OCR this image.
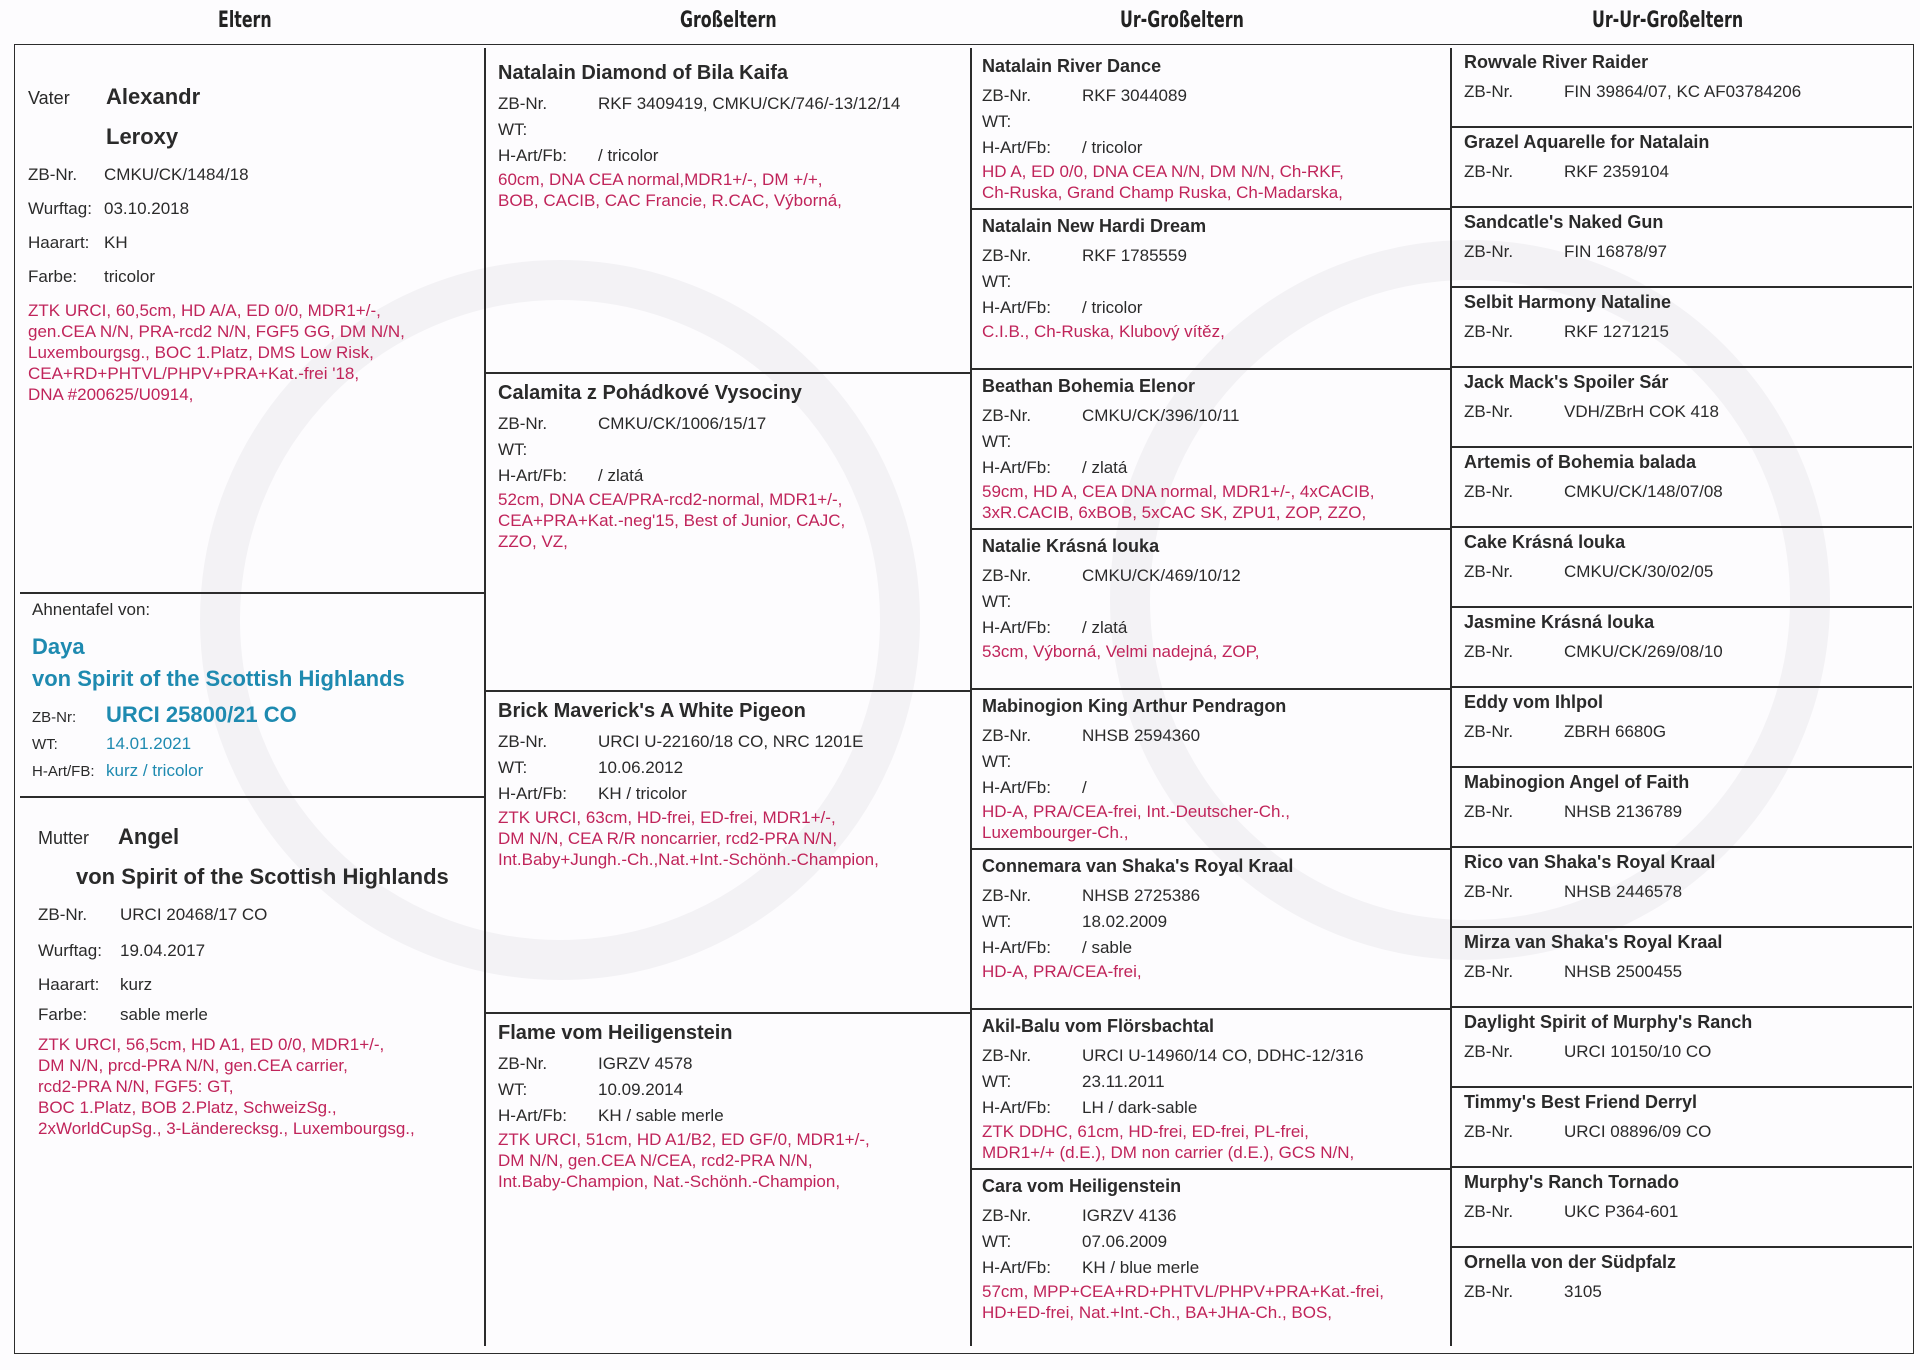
Eltern	Großeltern	Ur-Großeltern	Ur-Ur-Großeltern
Vater	Alexandr
Leroxy
ZB-Nr. CMKU/CK/1484/18
Wurftag: 03.10.2018
Haarart: KH
Farbe: tricolor
ZTK URCI, 60,5cm, HD A/A, ED 0/0, MDR1+/-,
gen.CEA N/N, PRA-rcd2 N/N, FGF5 GG, DM N/N,
Luxembourgsg., BOC 1.Platz, DMS Low Risk,
CEA+RD+PHTVL/PHPV+PRA+Kat.-frei '18,
DNA #200625/U0914,
Ahnentafel von:
Daya
von Spirit of the Scottish Highlands
ZB-Nr: URCI 25800/21 CO
WT:	14.01.2021
H-Art/FB: kurz / tricolor
Mutter	Angel
von Spirit of the Scottish Highlands
ZB-Nr. URCI 20468/17 CO
Wurftag: 19.04.2017
Haarart: kurz
Farbe: sable merle
ZTK URCI, 56,5cm, HD A1, ED 0/0, MDR1+/-,
DM N/N, prcd-PRA N/N, gen.CEA carrier,
rcd2-PRA N/N, FGF5: GT,
BOC 1.Platz, BOB 2.Platz, SchweizSg.,
2xWorldCupSg., 3-Ländereck​sg., Luxembourgsg.,
Natalain Diamond of Bila Kaifa
ZB-Nr.	RKF 3409419, CMKU/CK/746/-13/12/14
WT:
H-Art/Fb: / tricolor
60cm, DNA CEA normal,MDR1+/-, DM +/+,
BOB, CACIB, CAC Francie, R.CAC, Výborná,
Calamita z Pohádkové Vysociny
ZB-Nr.	CMKU/CK/1006/15/17
WT:
H-Art/Fb: / zlatá
52cm, DNA CEA/PRA-rcd2-normal, MDR1+/-,
CEA+PRA+Kat.-neg'15, Best of Junior, CAJC,
ZZO, VZ,
Brick Maverick's A White Pigeon
ZB-Nr.	URCI U-22160/18 CO, NRC 1201E
WT:	10.06.2012
H-Art/Fb: KH / tricolor
ZTK URCI, 63cm, HD-frei, ED-frei, MDR1+/-,
DM N/N, CEA R/R noncarrier, rcd2-PRA N/N,
Int.Baby+Jungh.-Ch.,Nat.+Int.-Schönh.-Champion,
Flame vom Heiligenstein
ZB-Nr.	IGRZV 4578
WT:	10.09.2014
H-Art/Fb: KH / sable merle
ZTK URCI, 51cm, HD A1/B2, ED GF/0, MDR1+/-,
DM N/N, gen.CEA N/CEA, rcd2-PRA N/N,
Int.Baby-Champion, Nat.-Schönh.-Champion,
Natalain River Dance
ZB-Nr.	RKF 3044089
WT:
H-Art/Fb: / tricolor
HD A, ED 0/0, DNA CEA N/N, DM N/N, Ch-RKF,
Ch-Ruska, Grand Champ Ruska, Ch-Madarska,
Natalain New Hardi Dream
ZB-Nr.	RKF 1785559
WT:
H-Art/Fb: / tricolor
C.I.B., Ch-Ruska, Klubový vítěz,
Beathan Bohemia Elenor
ZB-Nr.	CMKU/CK/396/10/11
WT:
H-Art/Fb: / zlatá
59cm, HD A, CEA DNA normal, MDR1+/-, 4xCACIB,
3xR.CACIB, 6xBOB, 5xCAC SK, ZPU1, ZOP, ZZO,
Natalie Krásná louka
ZB-Nr.	CMKU/CK/469/10/12
WT:
H-Art/Fb: / zlatá
53cm, Výborná, Velmi nadejná, ZOP,
Mabinogion King Arthur Pendragon
ZB-Nr.	NHSB 2594360
WT:
H-Art/Fb: /
HD-A, PRA/CEA-frei, Int.-Deutscher-Ch.,
Luxembourger-Ch.,
Connemara van Shaka's Royal Kraal
ZB-Nr.	NHSB 2725386
WT:	18.02.2009
H-Art/Fb: / sable
HD-A, PRA/CEA-frei,
Akil-Balu vom Flörsbachtal
ZB-Nr.	URCI U-14960/14 CO, DDHC-12/316
WT:	23.11.2011
H-Art/Fb: LH / dark-sable
ZTK DDHC, 61cm, HD-frei, ED-frei, PL-frei,
MDR1+/+ (d.E.), DM non carrier (d.E.), GCS N/N,
Cara vom Heiligenstein
ZB-Nr.	IGRZV 4136
WT:	07.06.2009
H-Art/Fb: KH / blue merle
57cm, MPP+CEA+RD+PHTVL/PHPV+PRA+Kat.-frei,
HD+ED-frei, Nat.+Int.-Ch., BA+JHA-Ch., BOS,
Rowvale River Raider
ZB-Nr.	FIN 39864/07, KC AF03784206
Grazel Aquarelle for Natalain
ZB-Nr.	RKF 2359104
Sandcatle's Naked Gun
ZB-Nr.	FIN 16878/97
Selbit Harmony Nataline
ZB-Nr.	RKF 1271215
Jack Mack's Spoiler Sár
ZB-Nr.	VDH/ZBrH COK 418
Artemis of Bohemia balada
ZB-Nr.	CMKU/CK/148/07/08
Cake Krásná louka
ZB-Nr.	CMKU/CK/30/02/05
Jasmine Krásná louka
ZB-Nr.	CMKU/CK/269/08/10
Eddy vom Ihlpol
ZB-Nr.	ZBRH 6680G
Mabinogion Angel of Faith
ZB-Nr.	NHSB 2136789
Rico van Shaka's Royal Kraal
ZB-Nr.	NHSB 2446578
Mirza van Shaka's Royal Kraal
ZB-Nr.	NHSB 2500455
Daylight Spirit of Murphy's Ranch
ZB-Nr.	URCI 10150/10 CO
Timmy's Best Friend Derryl
ZB-Nr.	URCI 08896/09 CO
Murphy's Ranch Tornado
ZB-Nr.	UKC P364-601
Ornella von der Südpfalz
ZB-Nr.	3105
